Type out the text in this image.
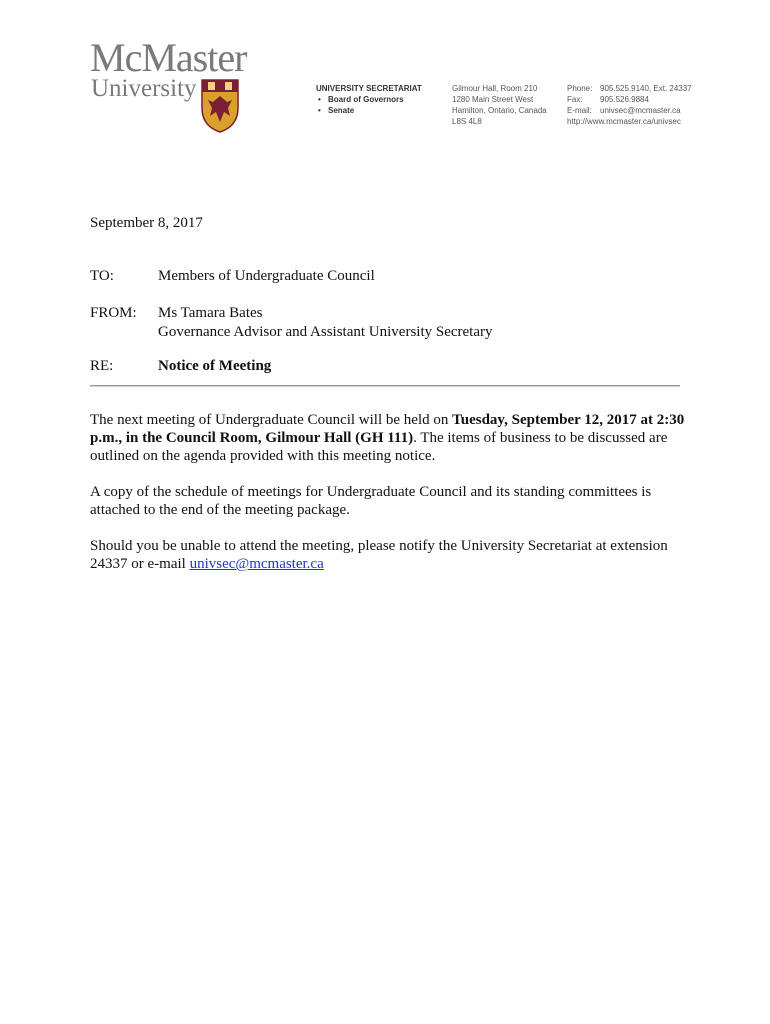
McMaster
University	UNIVERSITY SECRETARIAT
• Board of Governors
• Senate
Gilmour Hall, Room 210
1280 Main Street West
Hamilton, Ontario, Canada
L8S 4L8
Phone: 905.525.9140, Ext. 24337
Fax:	905.526.9884
E-mail:	univsec@mcmaster.ca
http://www.mcmaster.ca/univsec
September 8, 2017
TO:	Members of Undergraduate Council
FROM:	Ms Tamara Bates
Governance Advisor and Assistant University Secretary
RE:	Notice of Meeting
The next meeting of Undergraduate Council will be held on Tuesday, September 12, 2017 at 2:30 p.m., in the Council Room, Gilmour Hall (GH 111). The items of business to be discussed are outlined on the agenda provided with this meeting notice.
A copy of the schedule of meetings for Undergraduate Council and its standing committees is attached to the end of the meeting package.
Should you be unable to attend the meeting, please notify the University Secretariat at extension 24337 or e-mail univsec@mcmaster.ca
